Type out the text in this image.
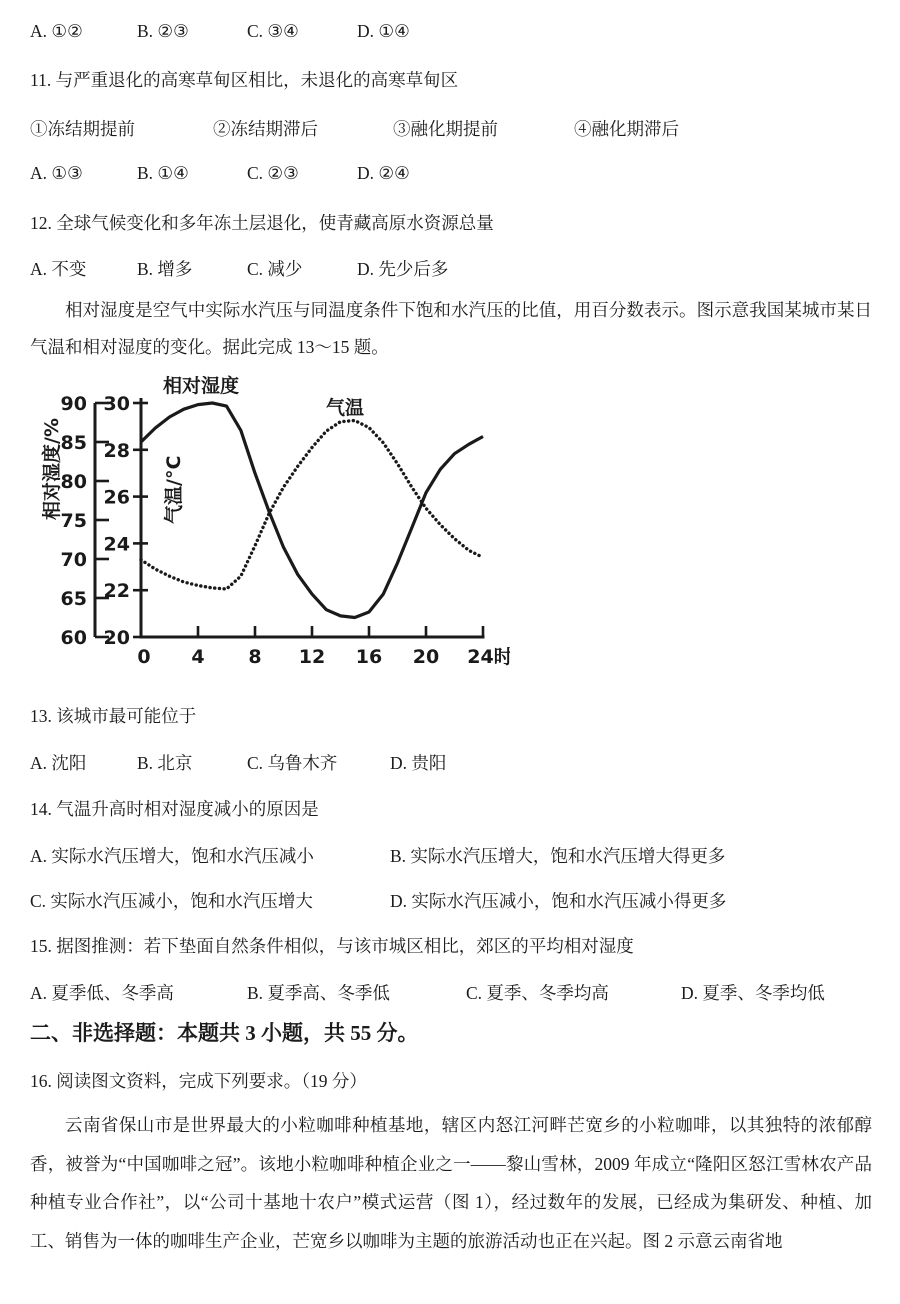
A. ①②	B. ②③	C. ③④	D. ①④
11. 与严重退化的高寒草甸区相比，未退化的高寒草甸区
①冻结期提前	②冻结期滞后	③融化期提前	④融化期滞后
A. ①③	B. ①④	C. ②③	D. ②④
12. 全球气候变化和多年冻土层退化，使青藏高原水资源总量
A. 不变	B. 增多	C. 减少	D. 先少后多
相对湿度是空气中实际水汽压与同温度条件下饱和水汽压的比值，用百分数表示。图示意我国某城市某日气温和相对湿度的变化。据此完成 13～15 题。
60
65
70
75
80
85
90
20
22
24
26
28
30
0 4 8 12 16 20 24时
相对湿度
气温
相对湿度/%	气温/°C
13. 该城市最可能位于
A. 沈阳	B. 北京	C. 乌鲁木齐	D. 贵阳
14. 气温升高时相对湿度减小的原因是
A. 实际水汽压增大，饱和水汽压减小	B. 实际水汽压增大，饱和水汽压增大得更多
C. 实际水汽压减小，饱和水汽压增大	D. 实际水汽压减小，饱和水汽压减小得更多
15. 据图推测：若下垫面自然条件相似，与该市城区相比，郊区的平均相对湿度
A. 夏季低、冬季高	B. 夏季高、冬季低	C. 夏季、冬季均高	D. 夏季、冬季均低
二、非选择题：本题共 3 小题，共 55 分。
16. 阅读图文资料，完成下列要求。（19 分）
云南省保山市是世界最大的小粒咖啡种植基地，辖区内怒江河畔芒宽乡的小粒咖啡，以其独特的浓郁醇香，被誉为“中国咖啡之冠”。该地小粒咖啡种植企业之一——黎山雪林，2009 年成立“隆阳区怒江雪林农产品种植专业合作社”，以“公司十基地十农户”模式运营（图 1），经过数年的发展，已经成为集研发、种植、加工、销售为一体的咖啡生产企业，芒宽乡以咖啡为主题的旅游活动也正在兴起。图 2 示意云南省地
